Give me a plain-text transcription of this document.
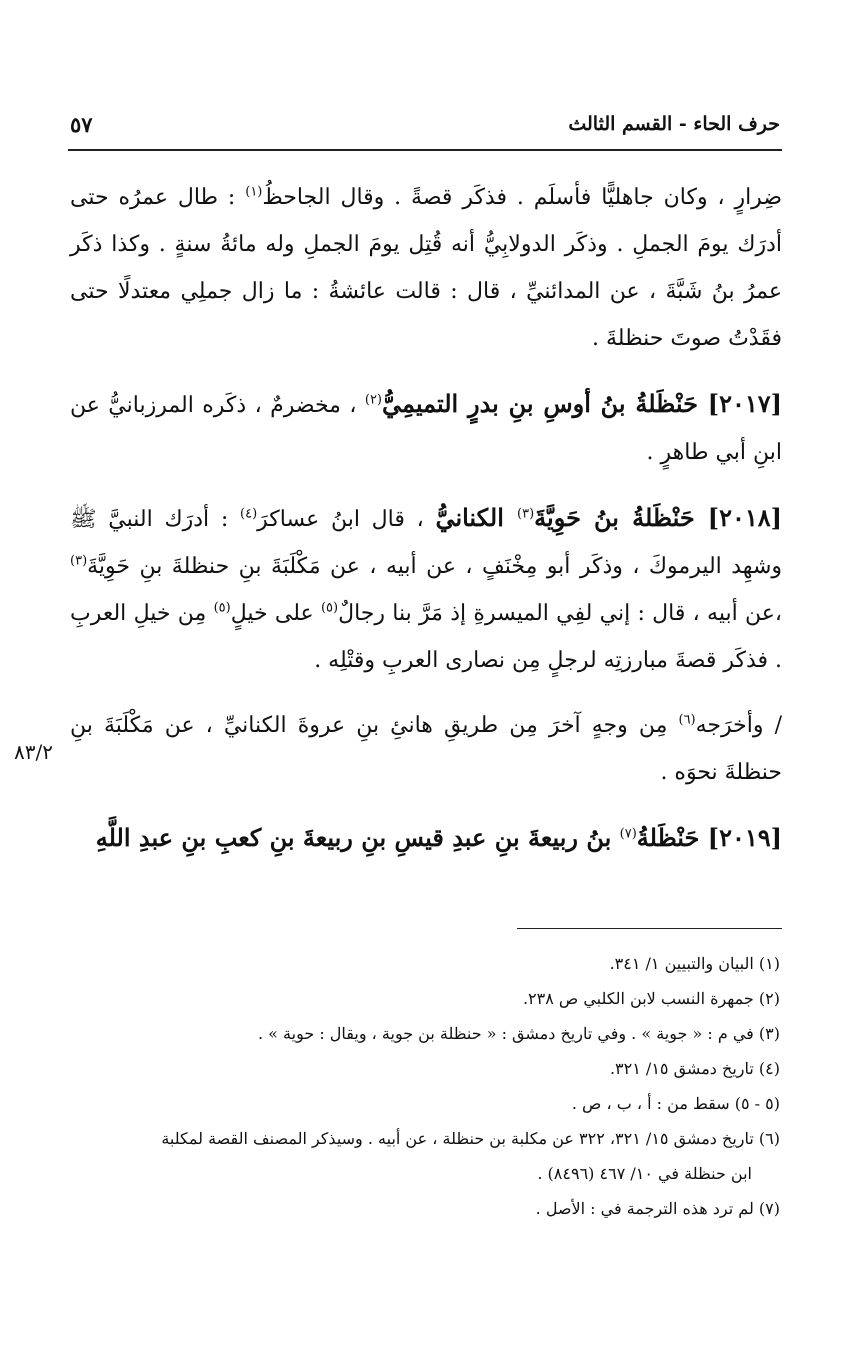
حرف الحاء - القسم الثالث
٥٧

ضِرارٍ ، وكان جاهليًّا فأسلَم . فذكَر قصةً . وقال الجاحظُ$^{(١)}$ : طال عمرُه حتى أدرَك يومَ الجملِ . وذكَر الدولابِيُّ أنه قُتِل يومَ الجملِ وله مائةُ سنةٍ . وكذا ذكَر عمرُ بنُ شَبَّةَ ، عن المدائنيِّ ، قال : قالت عائشةُ : ما زال جملِي معتدلًا حتى فقَدْتُ صوتَ حنظلةَ .

[٢٠١٧] حَنْظَلةُ بنُ أوسِ بنِ بدرٍ التميمِيُّ$^{(٢)}$ ، مخضرمٌ ، ذكَره المرزبانيُّ عن ابنِ أبي طاهرٍ .

[٢٠١٨] حَنْظَلةُ بنُ حَوِيَّةَ$^{(٣)}$ الكنانيُّ ، قال ابنُ عساكرَ$^{(٤)}$ : أدرَك النبيَّ ﷺ وشهِد اليرموكَ ، وذكَر أبو مِخْنَفٍ ، عن أبيه ، عن مَكْلَبَةَ بنِ حنظلةَ بنِ حَوِيَّةَ$^{(٣)}$ ،عن أبيه ، قال : إني لفِي الميسرةِ إذ مَرَّ بنا رجالٌ$^{(٥)}$ على خيلٍ$^{(٥)}$ مِن خيلِ العربِ . فذكَر قصةَ مبارزتِه لرجلٍ مِن نصارى العربِ وقتْلِه .

/ وأخرَجه$^{(٦)}$ مِن وجهٍ آخرَ مِن طريقِ هانئِ بنِ عروةَ الكنانيِّ ، عن مَكْلَبَةَ بنِ حنظلةَ نحوَه .

[٢٠١٩] حَنْظَلةُ$^{(٧)}$ بنُ ربيعةَ بنِ عبدِ قيسِ بنِ ربيعةَ بنِ كعبِ بنِ عبدِ اللَّهِ

٨٣/٢
(١) البيان والتبيين ١/ ٣٤١.
(٢) جمهرة النسب لابن الكلبي ص ٢٣٨.
(٣) في م : « جوية » . وفي تاريخ دمشق : « حنظلة بن جوية ، ويقال : حوية » .
(٤) تاريخ دمشق ١٥/ ٣٢١.
(٥ - ٥) سقط من : أ ، ب ، ص .
(٦) تاريخ دمشق ١٥/ ٣٢١، ٣٢٢ عن مكلبة بن حنظلة ، عن أبيه . وسيذكر المصنف القصة لمكلبة
ابن حنظلة في ١٠/ ٤٦٧ (٨٤٩٦) .
(٧) لم ترد هذه الترجمة في : الأصل .
